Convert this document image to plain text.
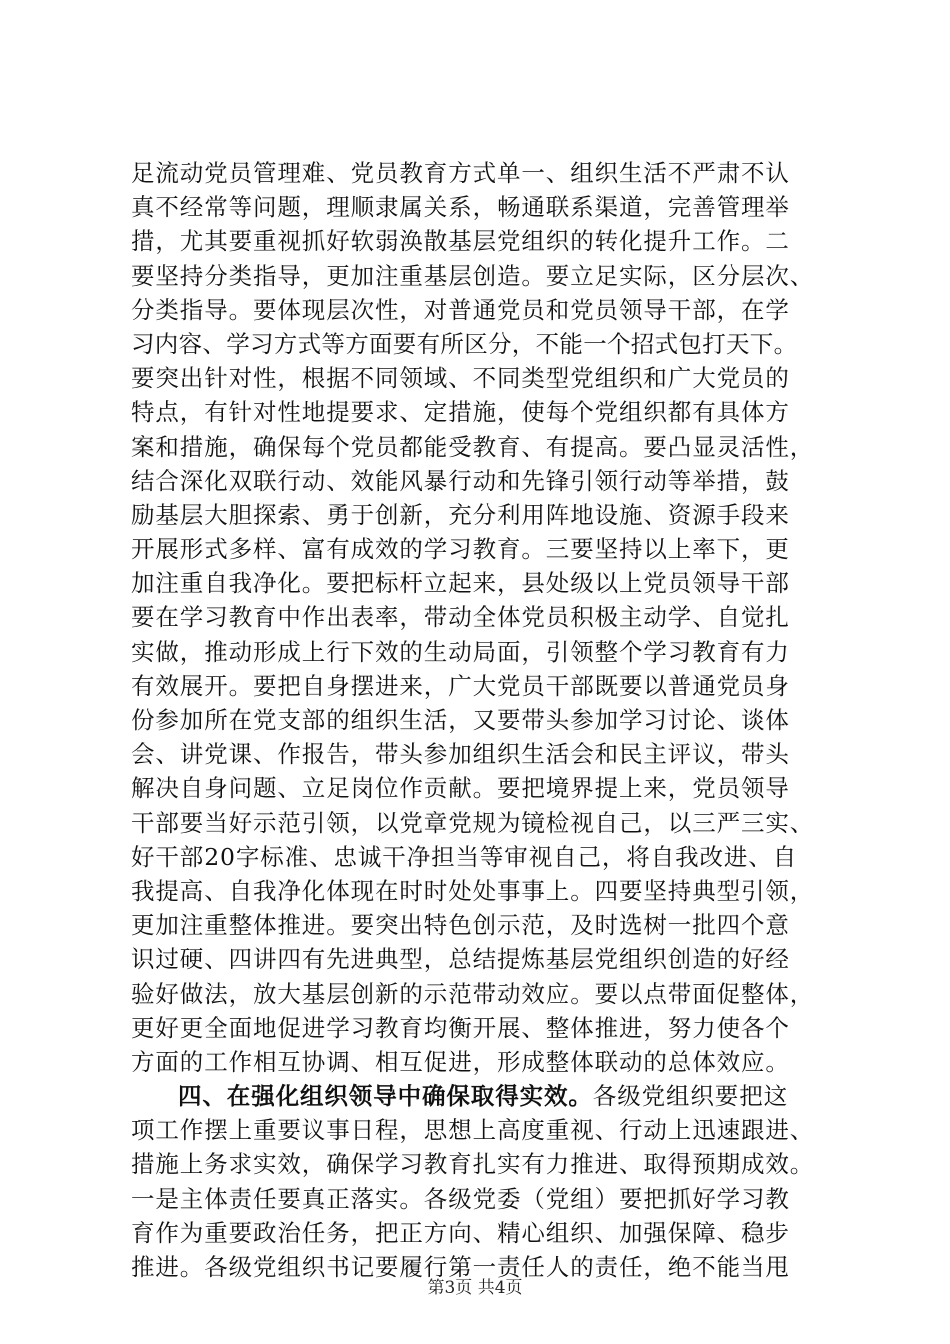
足流动党员管理难、党员教育方式单一、组织生活不严肃不认
真不经常等问题，理顺隶属关系，畅通联系渠道，完善管理举
措，尤其要重视抓好软弱涣散基层党组织的转化提升工作。二
要坚持分类指导，更加注重基层创造。要立足实际，区分层次、
分类指导。要体现层次性，对普通党员和党员领导干部，在学
习内容、学习方式等方面要有所区分，不能一个招式包打天下。
要突出针对性，根据不同领域、不同类型党组织和广大党员的
特点，有针对性地提要求、定措施，使每个党组织都有具体方
案和措施，确保每个党员都能受教育、有提高。要凸显灵活性，
结合深化双联行动、效能风暴行动和先锋引领行动等举措，鼓
励基层大胆探索、勇于创新，充分利用阵地设施、资源手段来
开展形式多样、富有成效的学习教育。三要坚持以上率下，更
加注重自我净化。要把标杆立起来，县处级以上党员领导干部
要在学习教育中作出表率，带动全体党员积极主动学、自觉扎
实做，推动形成上行下效的生动局面，引领整个学习教育有力
有效展开。要把自身摆进来，广大党员干部既要以普通党员身
份参加所在党支部的组织生活，又要带头参加学习讨论、谈体
会、讲党课、作报告，带头参加组织生活会和民主评议，带头
解决自身问题、立足岗位作贡献。要把境界提上来，党员领导
干部要当好示范引领，以党章党规为镜检视自己，以三严三实、
好干部20字标准、忠诚干净担当等审视自己，将自我改进、自
我提高、自我净化体现在时时处处事事上。四要坚持典型引领，
更加注重整体推进。要突出特色创示范，及时选树一批四个意
识过硬、四讲四有先进典型，总结提炼基层党组织创造的好经
验好做法，放大基层创新的示范带动效应。要以点带面促整体，
更好更全面地促进学习教育均衡开展、整体推进，努力使各个
方面的工作相互协调、相互促进，形成整体联动的总体效应。
四、在强化组织领导中确保取得实效。各级党组织要把这
项工作摆上重要议事日程，思想上高度重视、行动上迅速跟进、
措施上务求实效，确保学习教育扎实有力推进、取得预期成效。
一是主体责任要真正落实。各级党委（党组）要把抓好学习教
育作为重要政治任务，把正方向、精心组织、加强保障、稳步
推进。各级党组织书记要履行第一责任人的责任，绝不能当甩
第3页 共4页
